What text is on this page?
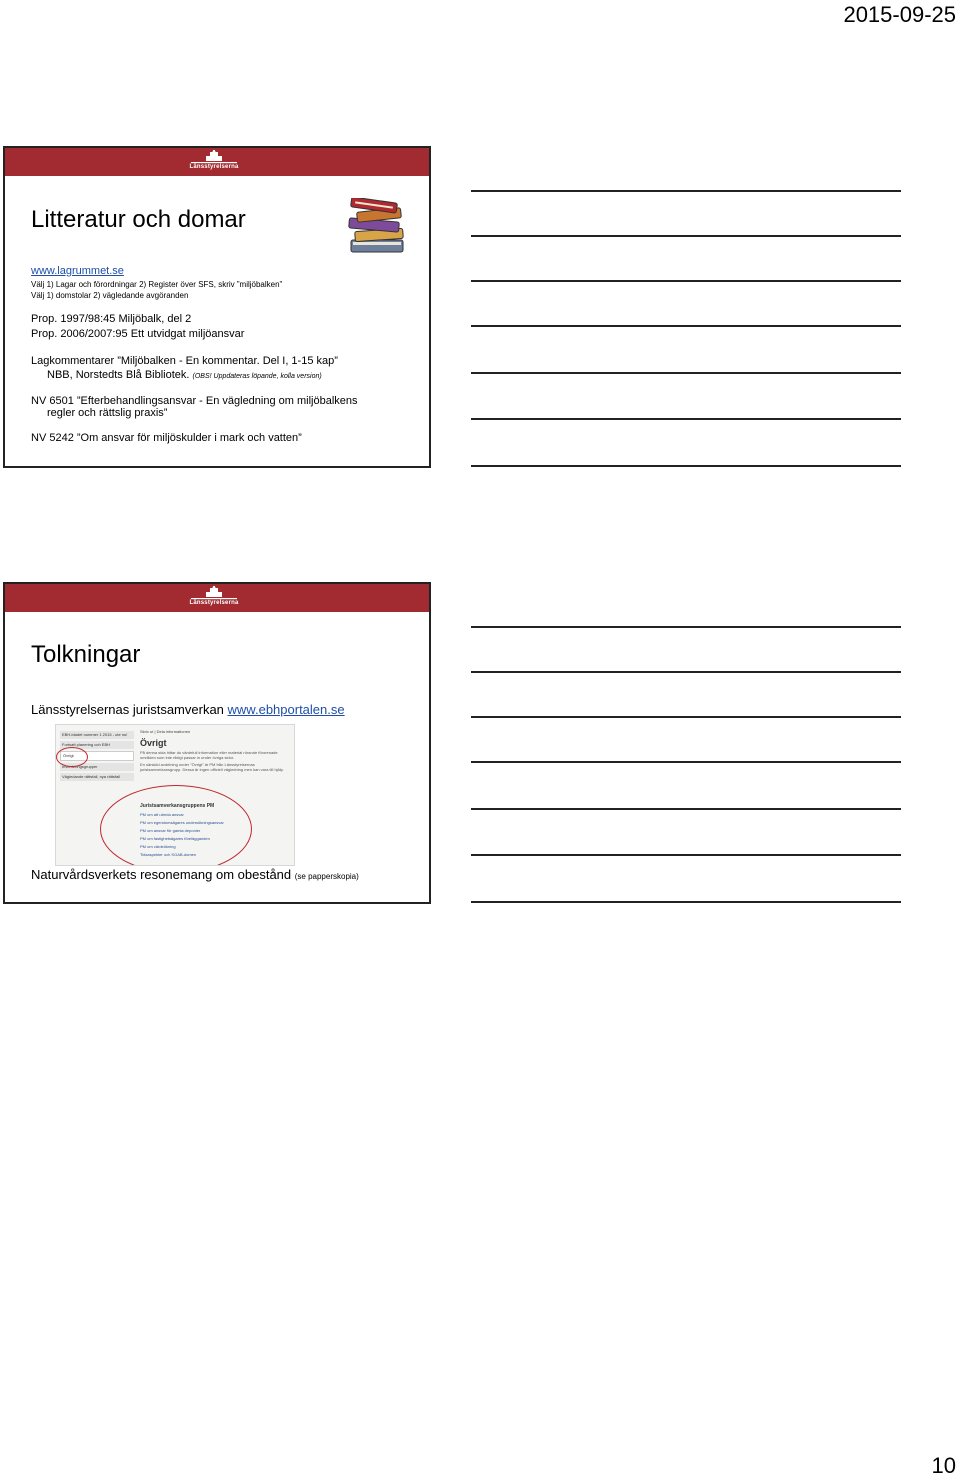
2015-09-25
Länsstyrelserna
Litteratur och domar
www.lagrummet.se
Välj 1) Lagar och förordningar 2) Register över SFS, skriv ”miljöbalken”
Välj 1) domstolar 2) vägledande avgöranden
Prop. 1997/98:45 Miljöbalk, del 2
Prop. 2006/2007:95 Ett utvidgat miljöansvar
Lagkommentarer ”Miljöbalken - En kommentar. Del I, 1-15 kap”
NBB, Norstedts Blå Bibliotek. (OBS! Uppdateras löpande, kolla version)
NV 6501 ”Efterbehandlingsansvar - En vägledning om miljöbalkens
regler och rättslig praxis”
NV 5242 ”Om ansvar för miljöskulder i mark och vatten”
Länsstyrelserna
Tolkningar
Länsstyrelsernas juristsamverkan www.ebhportalen.se
EBH-bladet nummer 1 2015 - ute nu!
Fortsatt planering och EBH
Övrigt
Inventeringsgrupper
Vägledande rättsfall, nya rättsfall
Skriv ut | Dela informationen
Övrigt
På denna sida hittar du värdefull information eller material rörande förorenade områden som inte riktigt passar in under övriga sidor.
En särskild avdelning under ”Övrigt” är PM från Länsstyrelsernas juristsamverkansgrupp. Dessa är ingen officiell vägledning men kan vara till hjälp.
Juristsamverkansgruppens PM
PM om att utreda ansvar
PM om egendomsägares undersökningsansvar
PM om ansvar för gamla deponier
PM om fastighetsägares förelägganden
PM om värdeökning
Tidsaspekter och SGAB-domen
Naturvårdsverkets resonemang om obestånd (se papperskopia)
10
